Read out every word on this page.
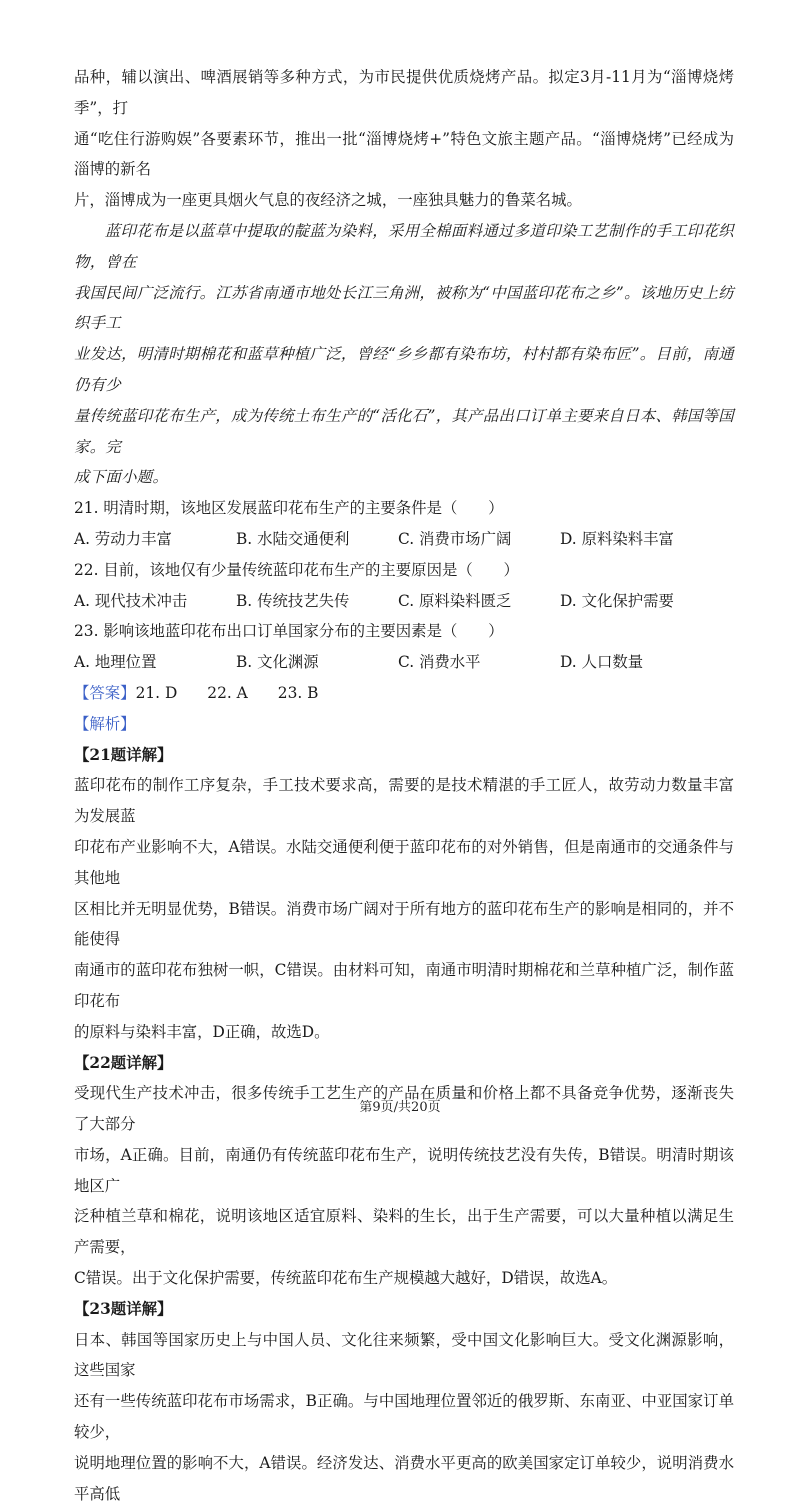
品种，辅以演出、啤酒展销等多种方式，为市民提供优质烧烤产品。拟定3月-11月为“淄博烧烤季”，打

通“吃住行游购娱”各要素环节，推出一批“淄博烧烤+”特色文旅主题产品。“淄博烧烤”已经成为淄博的新名

片，淄博成为一座更具烟火气息的夜经济之城，一座独具魅力的鲁菜名城。

蓝印花布是以蓝草中提取的靛蓝为染料，采用全棉面料通过多道印染工艺制作的手工印花织物，曾在

我国民间广泛流行。江苏省南通市地处长江三角洲，被称为“中国蓝印花布之乡”。该地历史上纺织手工

业发达，明清时期棉花和蓝草种植广泛，曾经“乡乡都有染布坊，村村都有染布匠”。目前，南通仍有少

量传统蓝印花布生产，成为传统土布生产的“活化石”，其产品出口订单主要来自日本、韩国等国家。完

成下面小题。

21. 明清时期，该地区发展蓝印花布生产的主要条件是（　　）

A. 劳动力丰富	B. 水陆交通便利	C. 消费市场广阔	D. 原料染料丰富

22. 目前，该地仅有少量传统蓝印花布生产的主要原因是（　　）

A. 现代技术冲击	B. 传统技艺失传	C. 原料染料匮乏	D. 文化保护需要

23. 影响该地蓝印花布出口订单国家分布的主要因素是（　　）

A. 地理位置	B. 文化渊源	C. 消费水平	D. 人口数量
【答案】 21. D 22. A 23. B

【解析】

【21题详解】

蓝印花布的制作工序复杂，手工技术要求高，需要的是技术精湛的手工匠人，故劳动力数量丰富为发展蓝

印花布产业影响不大，A错误。水陆交通便利便于蓝印花布的对外销售，但是南通市的交通条件与其他地

区相比并无明显优势，B错误。消费市场广阔对于所有地方的蓝印花布生产的影响是相同的，并不能使得

南通市的蓝印花布独树一帜，C错误。由材料可知，南通市明清时期棉花和兰草种植广泛，制作蓝印花布

的原料与染料丰富，D正确，故选D。

【22题详解】

受现代生产技术冲击，很多传统手工艺生产的产品在质量和价格上都不具备竞争优势，逐渐丧失了大部分

市场，A正确。目前，南通仍有传统蓝印花布生产，说明传统技艺没有失传，B错误。明清时期该地区广

泛种植兰草和棉花，说明该地区适宜原料、染料的生长，出于生产需要，可以大量种植以满足生产需要，

C错误。出于文化保护需要，传统蓝印花布生产规模越大越好，D错误，故选A。

【23题详解】

日本、韩国等国家历史上与中国人员、文化往来频繁，受中国文化影响巨大。受文化渊源影响，这些国家

还有一些传统蓝印花布市场需求，B正确。与中国地理位置邻近的俄罗斯、东南亚、中亚国家订单较少，

说明地理位置的影响不大，A错误。经济发达、消费水平更高的欧美国家定订单较少，说明消费水平高低

第9页/共20页
